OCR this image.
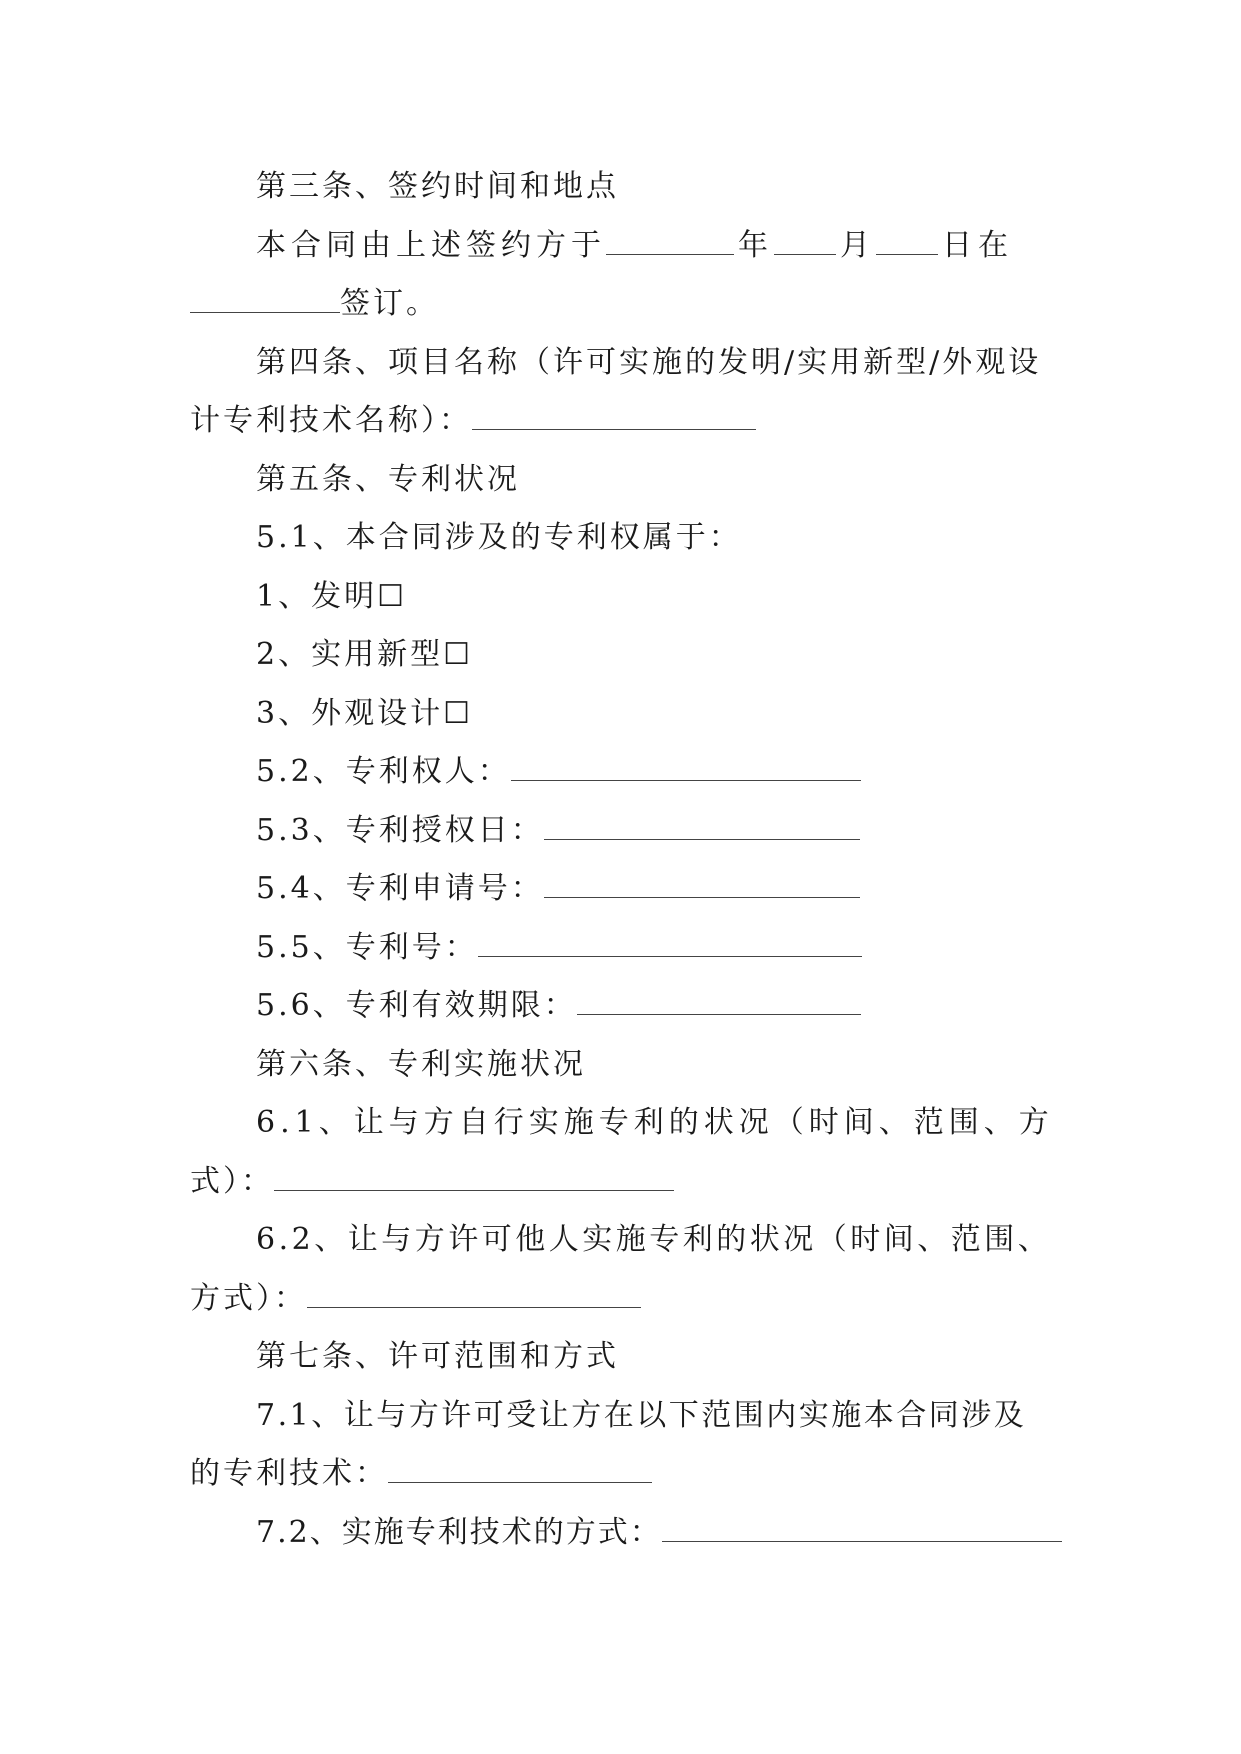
第三条、签约时间和地点
本合同由上述签约方于	年 月 日在
签订。
第四条、项目名称（许可实施的发明/实用新型/外观设
计专利技术名称）：
第五条、专利状况
5.1、本合同涉及的专利权属于：
1、发明☐
2、实用新型☐
3、外观设计☐
5.2、专利权人：
5.3、专利授权日：
5.4、专利申请号：
5.5、专利号：
5.6、专利有效期限：
第六条、专利实施状况
6.1、让与方自行实施专利的状况（时间、范围、方
式）：
6.2、让与方许可他人实施专利的状况（时间、范围、
方式）：
第七条、许可范围和方式
7.1、让与方许可受让方在以下范围内实施本合同涉及
的专利技术：
7.2、实施专利技术的方式：
